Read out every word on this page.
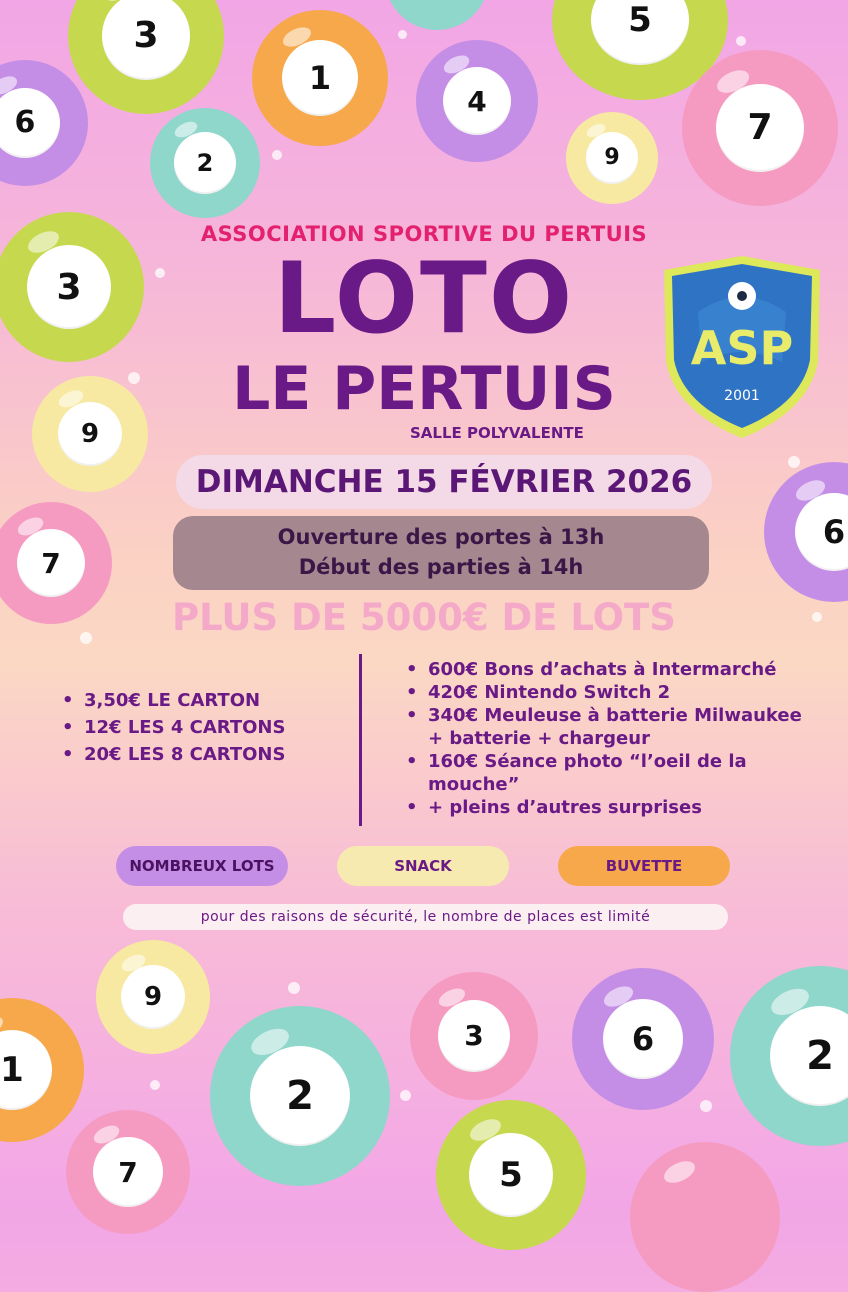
3	5
1
4
6	7
2	9
3
9
6
7
9
1
3	6	2
2
7	5
ASSOCIATION SPORTIVE DU PERTUIS
LOTO
LE PERTUIS
SALLE POLYVALENTE
ASP
2001
DIMANCHE 15 FÉVRIER 2026
Ouverture des portes à 13h
Début des parties à 14h
PLUS DE 5000€ DE LOTS
• 3,50€ LE CARTON
• 12€ LES 4 CARTONS
• 20€ LES 8 CARTONS
• 600€ Bons d’achats à Intermarché
• 420€ Nintendo Switch 2
• 340€ Meuleuse à batterie Milwaukee + batterie + chargeur
• 160€ Séance photo “l’oeil de la mouche”
• + pleins d’autres surprises
NOMBREUX LOTS	SNACK	BUVETTE
pour des raisons de sécurité, le nombre de places est limité
